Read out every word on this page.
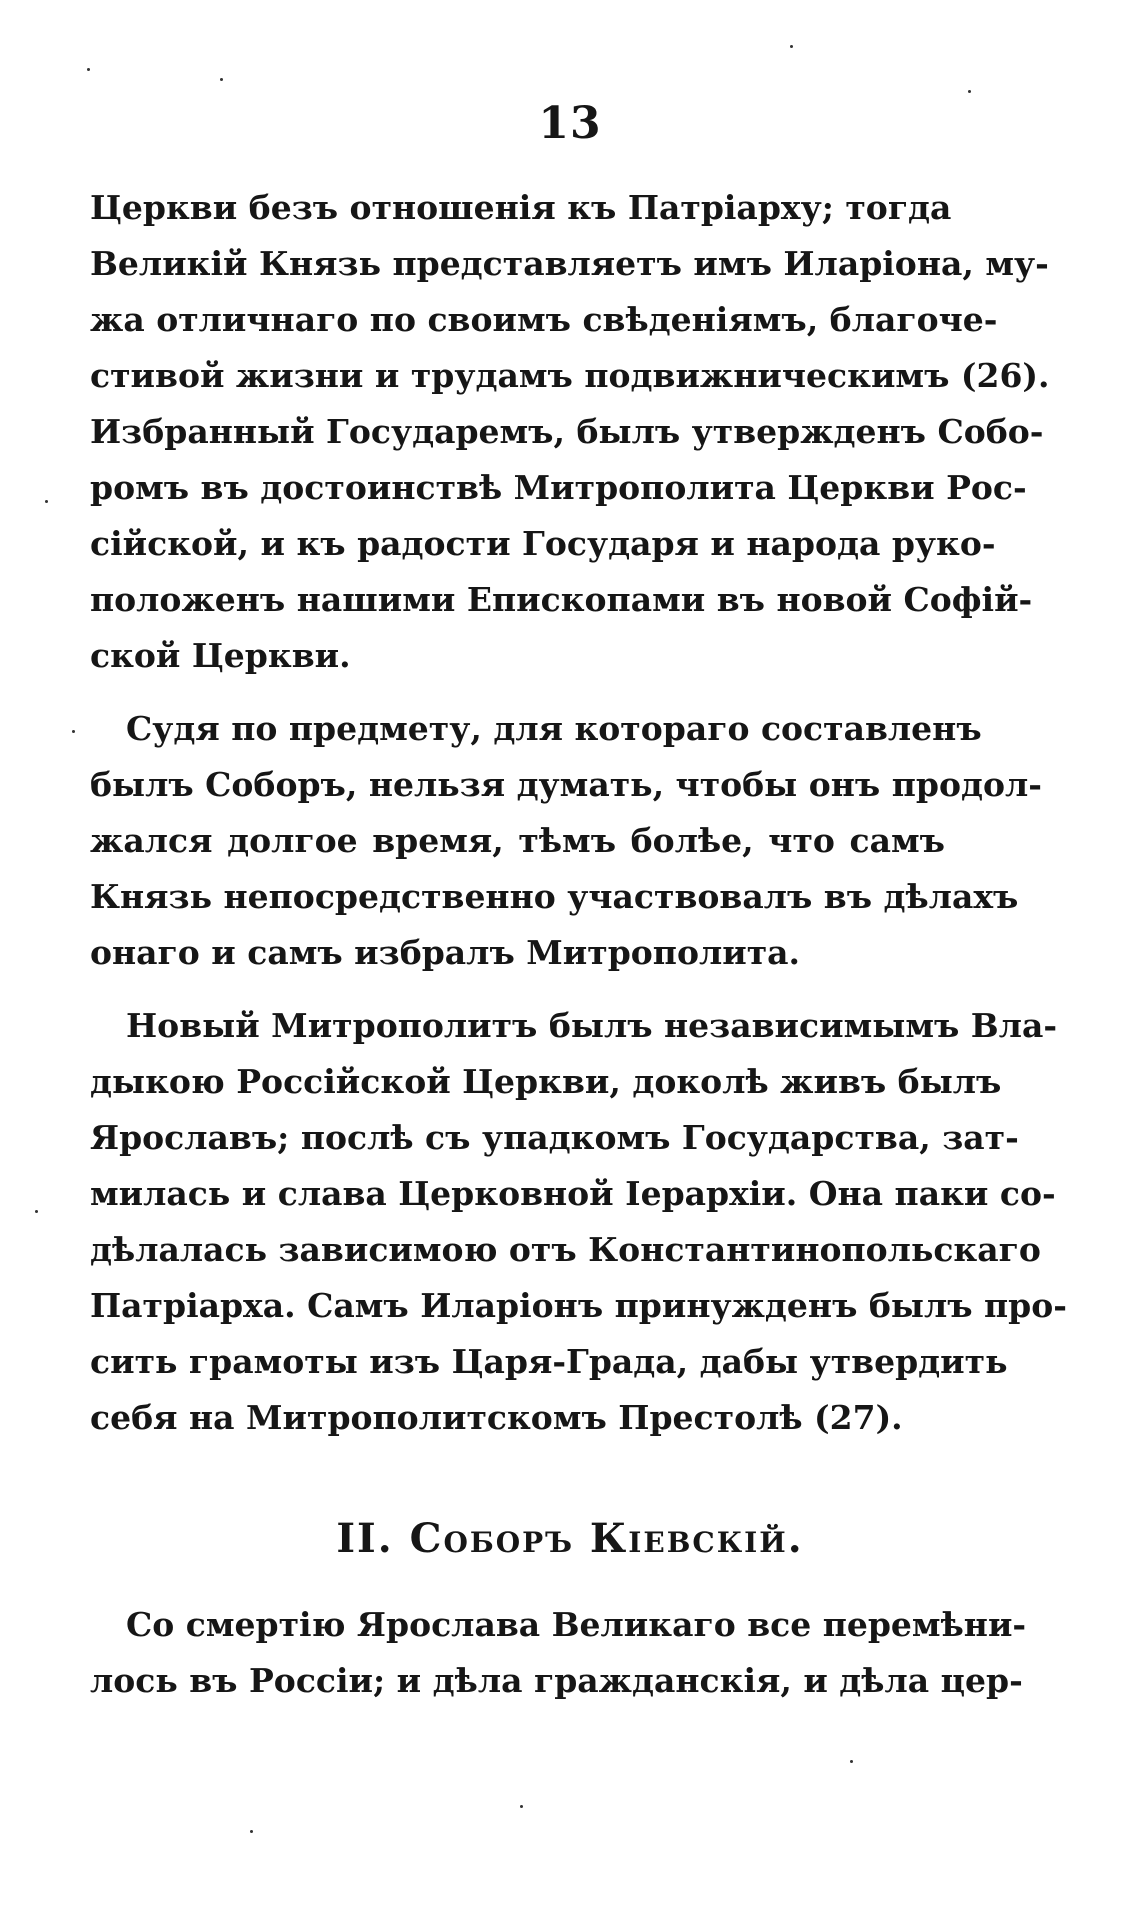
13
Церкви безъ отношенія къ Патріарху; тогда
Великій Князь представляетъ имъ Иларіона, му-
жа отличнаго по своимъ свѣденіямъ, благоче-
стивой жизни и трудамъ подвижническимъ (26).
Избранный Государемъ, былъ утвержденъ Собо-
ромъ въ достоинствѣ Митрополита Церкви Рос-
сійской, и къ радости Государя и народа руко-
положенъ нашими Епископами въ новой Софій-
ской Церкви.
Судя по предмету, для котораго составленъ
былъ Соборъ, нельзя думать, чтобы онъ продол-
жался долгое время, тѣмъ болѣе, что самъ
Князь непосредственно участвовалъ въ дѣлахъ
онаго и самъ избралъ Митрополита.
Новый Митрополитъ былъ независимымъ Вла-
дыкою Россійской Церкви, доколѣ живъ былъ
Ярославъ; послѣ съ упадкомъ Государства, зат-
милась и слава Церковной Іерархіи. Она паки со-
дѣлалась зависимою отъ Константинопольскаго
Патріарха. Самъ Иларіонъ принужденъ былъ про-
сить грамоты изъ Царя-Града, дабы утвердить
себя на Митрополитскомъ Престолѣ (27).
II. Соборъ Кіевскій.
Со смертію Ярослава Великаго все перемѣни-
лось въ Россіи; и дѣла гражданскія, и дѣла цер-
